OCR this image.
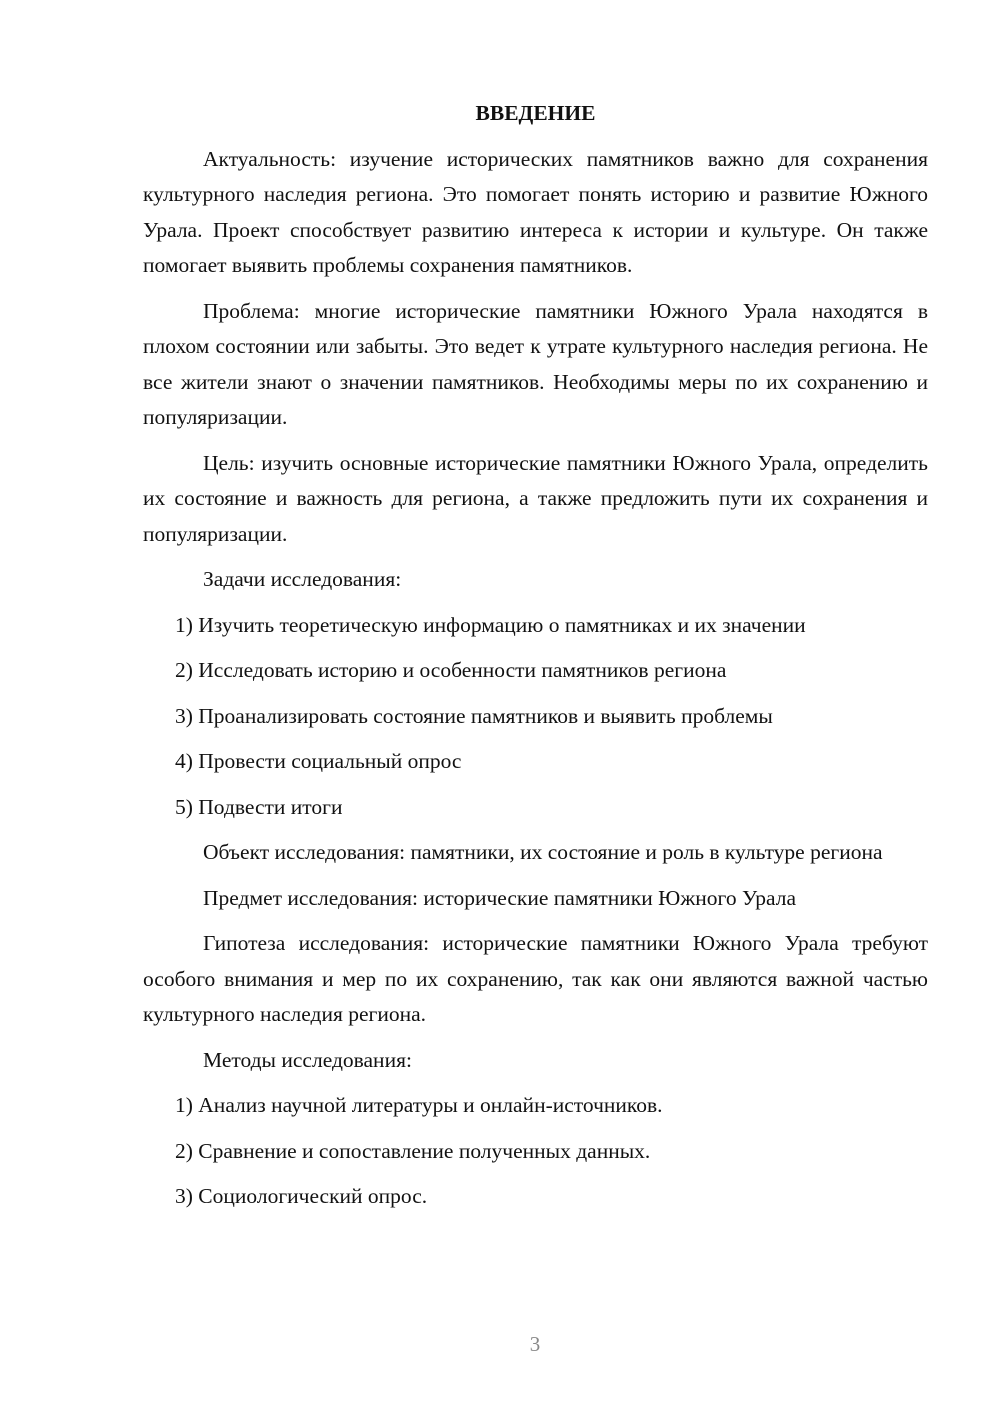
ВВЕДЕНИЕ

Актуальность: изучение исторических памятников важно для сохранения культурного наследия региона. Это помогает понять историю и развитие Южного Урала. Проект способствует развитию интереса к истории и культуре. Он также помогает выявить проблемы сохранения памятников.

Проблема: многие исторические памятники Южного Урала находятся в плохом состоянии или забыты. Это ведет к утрате культурного наследия региона. Не все жители знают о значении памятников. Необходимы меры по их сохранению и популяризации.

Цель: изучить основные исторические памятники Южного Урала, определить их состояние и важность для региона, а также предложить пути их сохранения и популяризации.

Задачи исследования:

1) Изучить теоретическую информацию о памятниках и их значении
2) Исследовать историю и особенности памятников региона
3) Проанализировать состояние памятников и выявить проблемы
4) Провести социальный опрос
5) Подвести итоги

Объект исследования: памятники, их состояние и роль в культуре региона

Предмет исследования: исторические памятники Южного Урала

Гипотеза исследования: исторические памятники Южного Урала требуют особого внимания и мер по их сохранению, так как они являются важной частью культурного наследия региона.

Методы исследования:

1) Анализ научной литературы и онлайн-источников.
2) Сравнение и сопоставление полученных данных.
3) Социологический опрос.
3
